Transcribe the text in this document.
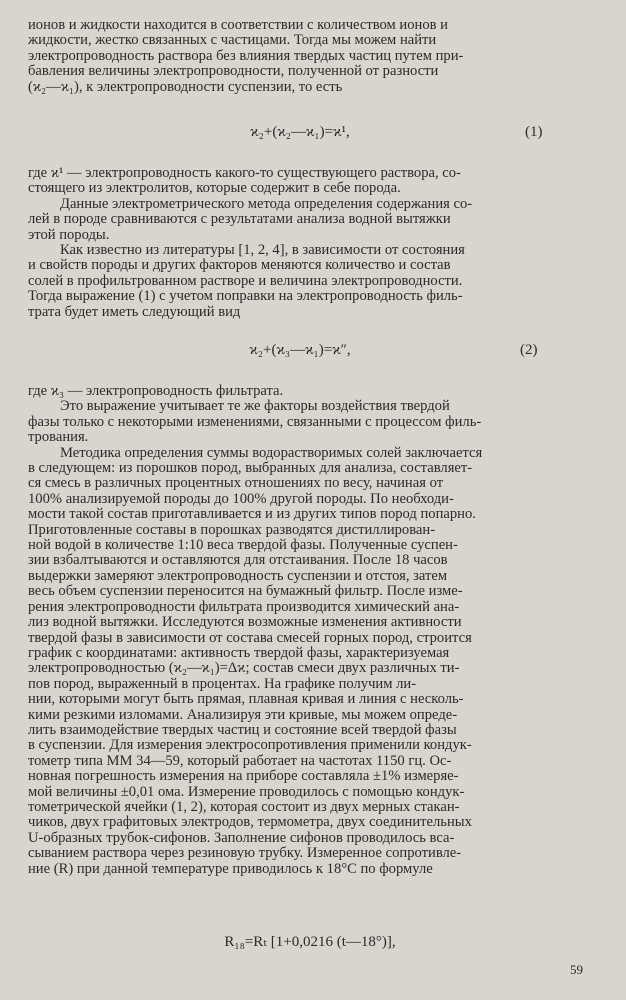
ионов и жидкости находится в соответствии с количеством ионов и
жидкости, жестко связанных с частицами. Тогда мы можем найти
электропроводность раствора без влияния твердых частиц путем при-
бавления величины электропроводности, полученной от разности
(ϰ₂—ϰ₁), к электропроводности суспензии, то есть
ϰ₂+(ϰ₂—ϰ₁)=ϰ¹,	(1)
где ϰ¹ — электропроводность какого-то существующего раствора, со-
стоящего из электролитов, которые содержит в себе порода.
Данные электрометрического метода определения содержания со-
лей в породе сравниваются с результатами анализа водной вытяжки
этой породы.
Как известно из литературы [1, 2, 4], в зависимости от состояния
и свойств породы и других факторов меняются количество и состав
солей в профильтрованном растворе и величина электропроводности.
Тогда выражение (1) с учетом поправки на электропроводность филь-
трата будет иметь следующий вид
ϰ₂+(ϰ₃—ϰ₁)=ϰ″,	(2)
где ϰ₃ — электропроводность фильтрата.
Это выражение учитывает те же факторы воздействия твердой
фазы только с некоторыми изменениями, связанными с процессом филь-
трования.
Методика определения суммы водорастворимых солей заключается
в следующем: из порошков пород, выбранных для анализа, составляет-
ся смесь в различных процентных отношениях по весу, начиная от
100% анализируемой породы до 100% другой породы. По необходи-
мости такой состав приготавливается и из других типов пород попарно.
Приготовленные составы в порошках разводятся дистиллирован-
ной водой в количестве 1:10 веса твердой фазы. Полученные суспен-
зии взбалтываются и оставляются для отстаивания. После 18 часов
выдержки замеряют электропроводность суспензии и отстоя, затем
весь объем суспензии переносится на бумажный фильтр. После изме-
рения электропроводности фильтрата производится химический ана-
лиз водной вытяжки. Исследуются возможные изменения активности
твердой фазы в зависимости от состава смесей горных пород, строится
график с координатами: активность твердой фазы, характеризуемая
электропроводностью (ϰ₂—ϰ₁)=Δϰ; состав смеси двух различных ти-
пов пород, выраженный в процентах. На графике получим ли-
нии, которыми могут быть прямая, плавная кривая и линия с несколь-
кими резкими изломами. Анализируя эти кривые, мы можем опреде-
лить взаимодействие твердых частиц и состояние всей твердой фазы
в суспензии. Для измерения электросопротивления применили кондук-
тометр типа ММ 34—59, который работает на частотах 1150 гц. Ос-
новная погрешность измерения на приборе составляла ±1% измеряе-
мой величины ±0,01 ома. Измерение проводилось с помощью кондук-
тометрической ячейки (1, 2), которая состоит из двух мерных стакан-
чиков, двух графитовых электродов, термометра, двух соединительных
U-образных трубок-сифонов. Заполнение сифонов проводилось вса-
сыванием раствора через резиновую трубку. Измеренное сопротивле-
ние (R) при данной температуре приводилось к 18°C по формуле
R₁₈=Rₜ [1+0,0216 (t—18°)],
59
